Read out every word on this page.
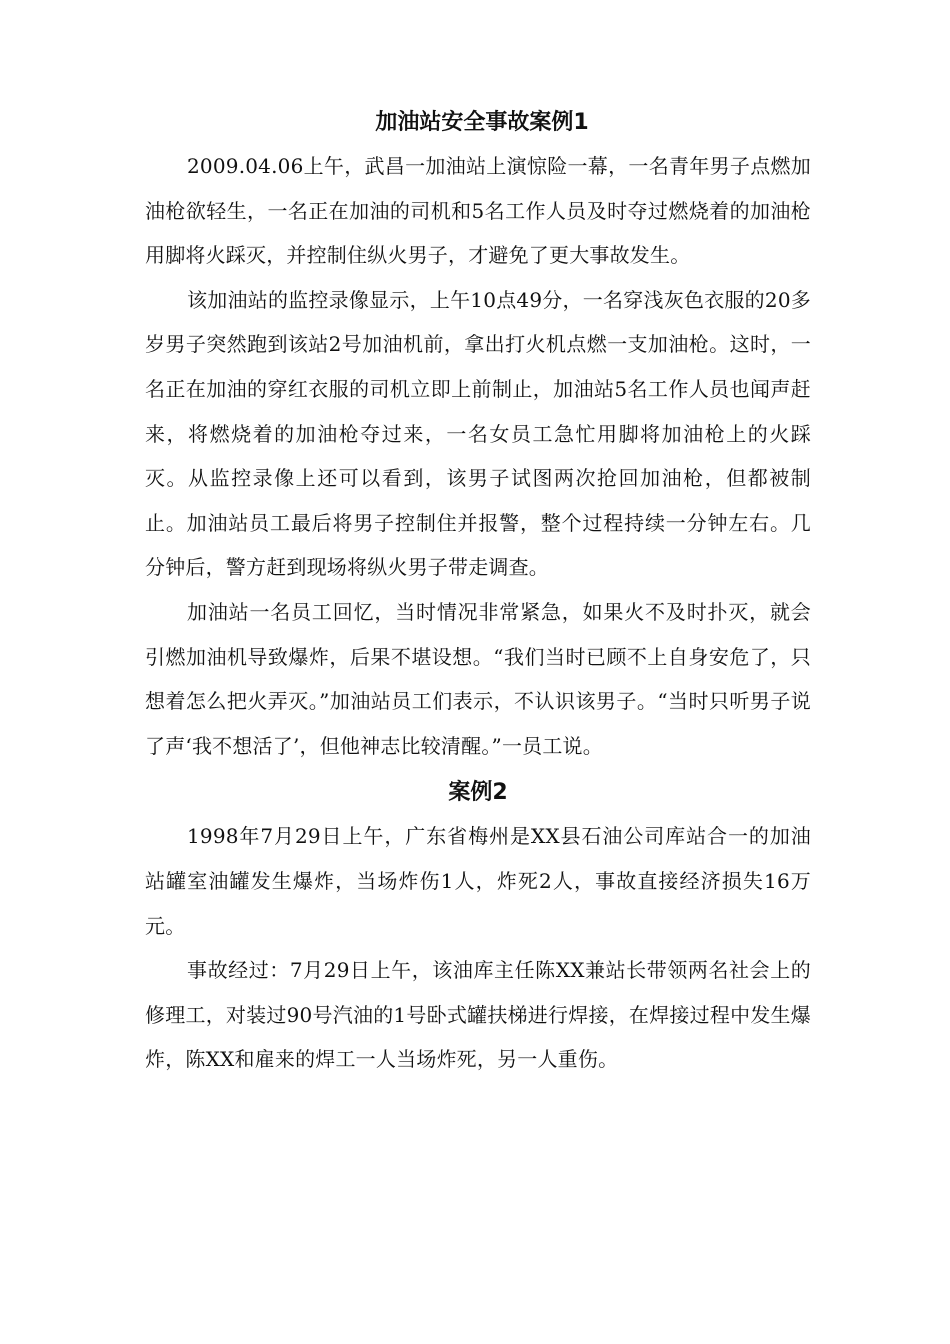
加油站安全事故案例1

2009.04.06上午，武昌一加油站上演惊险一幕，一名青年男子点燃加油枪欲轻生，一名正在加油的司机和5名工作人员及时夺过燃烧着的加油枪用脚将火踩灭，并控制住纵火男子，才避免了更大事故发生。

该加油站的监控录像显示，上午10点49分，一名穿浅灰色衣服的20多岁男子突然跑到该站2号加油机前，拿出打火机点燃一支加油枪。这时，一名正在加油的穿红衣服的司机立即上前制止，加油站5名工作人员也闻声赶来，将燃烧着的加油枪夺过来，一名女员工急忙用脚将加油枪上的火踩灭。从监控录像上还可以看到，该男子试图两次抢回加油枪，但都被制止。加油站员工最后将男子控制住并报警，整个过程持续一分钟左右。几分钟后，警方赶到现场将纵火男子带走调查。

加油站一名员工回忆，当时情况非常紧急，如果火不及时扑灭，就会引燃加油机导致爆炸，后果不堪设想。“我们当时已顾不上自身安危了，只想着怎么把火弄灭。”加油站员工们表示，不认识该男子。“当时只听男子说了声‘我不想活了’，但他神志比较清醒。”一员工说。

案例2

1998年7月29日上午，广东省梅州是XX县石油公司库站合一的加油站罐室油罐发生爆炸，当场炸伤1人，炸死2人，事故直接经济损失16万元。

事故经过：7月29日上午，该油库主任陈XX兼站长带领两名社会上的修理工，对装过90号汽油的1号卧式罐扶梯进行焊接，在焊接过程中发生爆炸，陈XX和雇来的焊工一人当场炸死，另一人重伤。
